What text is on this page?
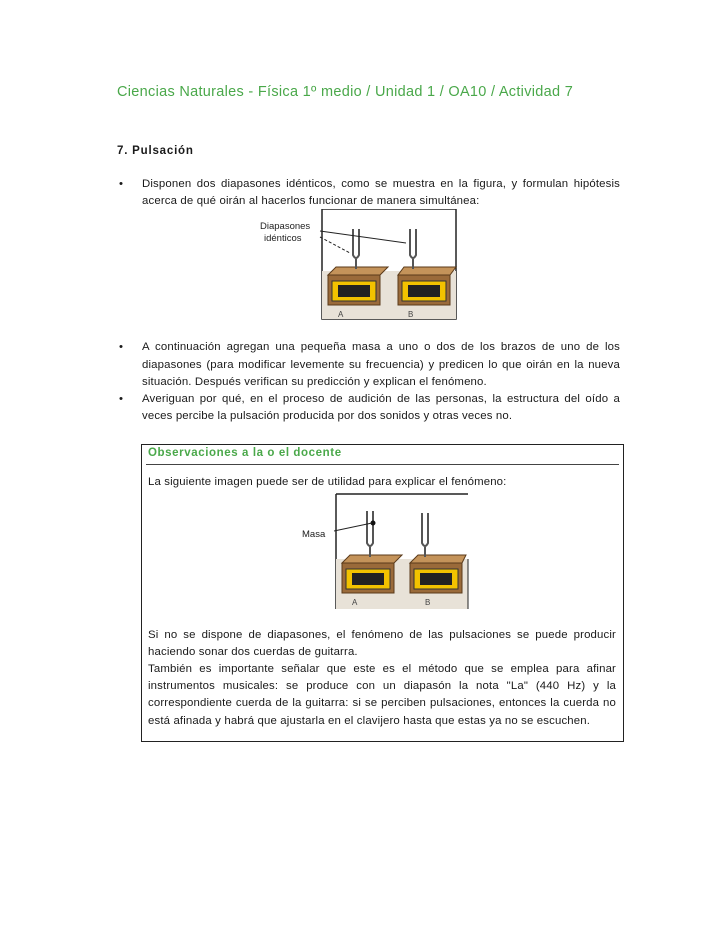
Ciencias Naturales - Física 1º medio / Unidad 1 / OA10 / Actividad 7
7. Pulsación
• Disponen dos diapasones idénticos, como se muestra en la figura, y formulan hipótesis acerca de qué oirán al hacerlos funcionar de manera simultánea:
• A continuación agregan una pequeña masa a uno o dos de los brazos de uno de los diapasones (para modificar levemente su frecuencia) y predicen lo que oirán en la nueva situación. Después verifican su predicción y explican el fenómeno.
• Averiguan por qué, en el proceso de audición de las personas, la estructura del oído a veces percibe la pulsación producida por dos sonidos y otras veces no.
Diapasones
idénticos
A	B
Observaciones a la o el docente
La siguiente imagen puede ser de utilidad para explicar el fenómeno:
A	B
Masa
Si no se dispone de diapasones, el fenómeno de las pulsaciones se puede producir haciendo sonar dos cuerdas de guitarra.
También es importante señalar que este es el método que se emplea para afinar instrumentos musicales: se produce con un diapasón la nota "La" (440 Hz) y la correspondiente cuerda de la guitarra: si se perciben pulsaciones, entonces la cuerda no está afinada y habrá que ajustarla en el clavijero hasta que estas ya no se escuchen.
